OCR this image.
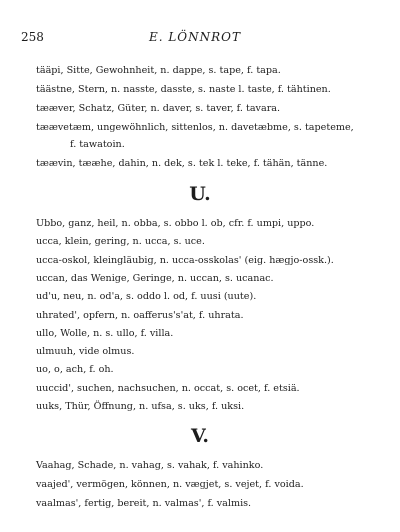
258	E. LÖNNROT
tääpi, Sitte, Gewohnheit, n. dappe, s. tape, f. tapa.
täästne, Stern, n. nasste, dasste, s. naste l. taste, f. tähtinen.
tææver, Schatz, Güter, n. daver, s. taver, f. tavara.
tæævetæm, ungewöhnlich, sittenlos, n. davetæbme, s. tapeteme,
f. tawatoin.
tæævin, tææhe, dahin, n. dek, s. tek l. teke, f. tähän, tänne.
U.
Ubbo, ganz, heil, n. obba, s. obbo l. ob, cfr. f. umpi, uppo.
ucca, klein, gering, n. ucca, s. uce.
ucca-oskol, kleingläubig, n. ucca-osskolas' (eig. hægjo-ossk.).
uccan, das Wenige, Geringe, n. uccan, s. ucanac.
ud'u, neu, n. od'a, s. oddo l. od, f. uusi (uute).
uhrated', opfern, n. oafferus's'at, f. uhrata.
ullo, Wolle, n. s. ullo, f. villa.
ulmuuh, vide olmus.
uo, o, ach, f. oh.
uuccid', suchen, nachsuchen, n. occat, s. ocet, f. etsiä.
uuks, Thür, Öffnung, n. ufsa, s. uks, f. uksi.
V.
Vaahag, Schade, n. vahag, s. vahak, f. vahinko.
vaajed', vermögen, können, n. vægjet, s. vejet, f. voida.
vaalmas', fertig, bereit, n. valmas', f. valmis.
